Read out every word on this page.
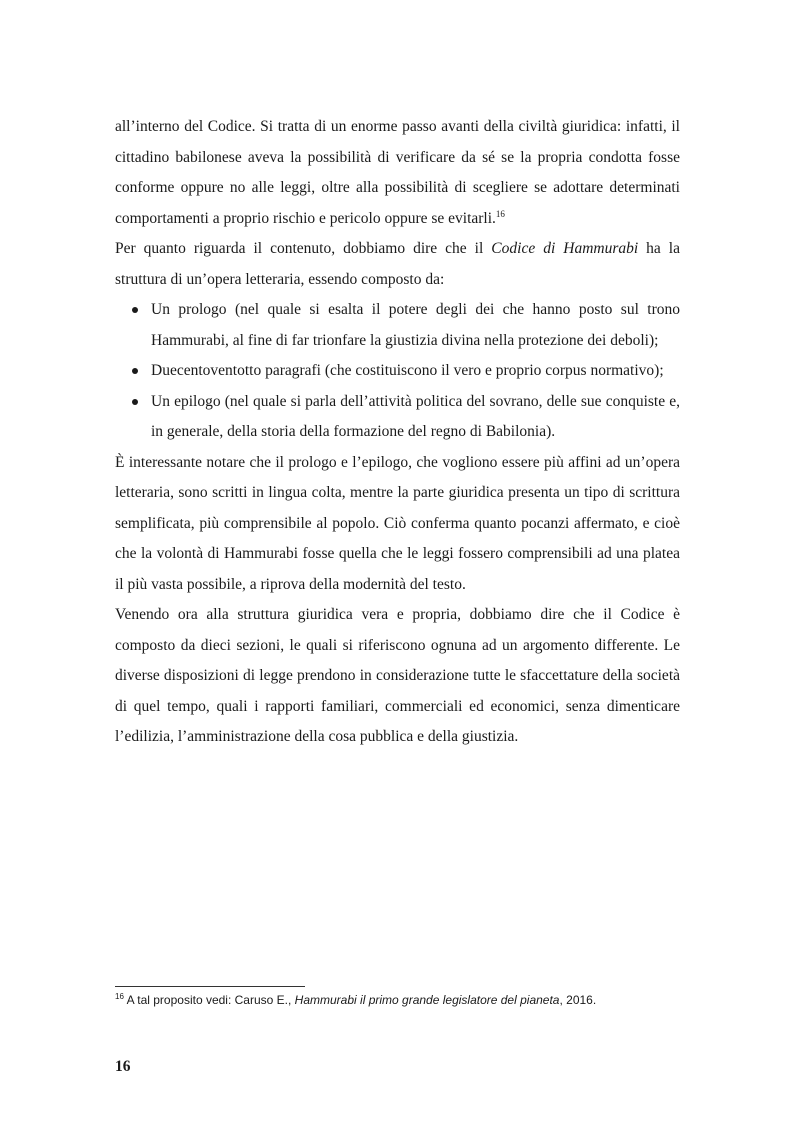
all’interno del Codice. Si tratta di un enorme passo avanti della civiltà giuridica: infatti, il cittadino babilonese aveva la possibilità di verificare da sé se la propria condotta fosse conforme oppure no alle leggi, oltre alla possibilità di scegliere se adottare determinati comportamenti a proprio rischio e pericolo oppure se evitarli.$^{16}$

Per quanto riguarda il contenuto, dobbiamo dire che il Codice di Hammurabi ha la struttura di un’opera letteraria, essendo composto da:

Un prologo (nel quale si esalta il potere degli dei che hanno posto sul trono Hammurabi, al fine di far trionfare la giustizia divina nella protezione dei deboli);
Duecentoventotto paragrafi (che costituiscono il vero e proprio corpus normativo);
Un epilogo (nel quale si parla dell’attività politica del sovrano, delle sue conquiste e, in generale, della storia della formazione del regno di Babilonia).

È interessante notare che il prologo e l’epilogo, che vogliono essere più affini ad un’opera letteraria, sono scritti in lingua colta, mentre la parte giuridica presenta un tipo di scrittura semplificata, più comprensibile al popolo. Ciò conferma quanto pocanzi affermato, e cioè che la volontà di Hammurabi fosse quella che le leggi fossero comprensibili ad una platea il più vasta possibile, a riprova della modernità del testo.

Venendo ora alla struttura giuridica vera e propria, dobbiamo dire che il Codice è composto da dieci sezioni, le quali si riferiscono ognuna ad un argomento differente. Le diverse disposizioni di legge prendono in considerazione tutte le sfaccettature della società di quel tempo, quali i rapporti familiari, commerciali ed economici, senza dimenticare l’edilizia, l’amministrazione della cosa pubblica e della giustizia.

$^{16}$ A tal proposito vedi: Caruso E., Hammurabi il primo grande legislatore del pianeta, 2016.
16
